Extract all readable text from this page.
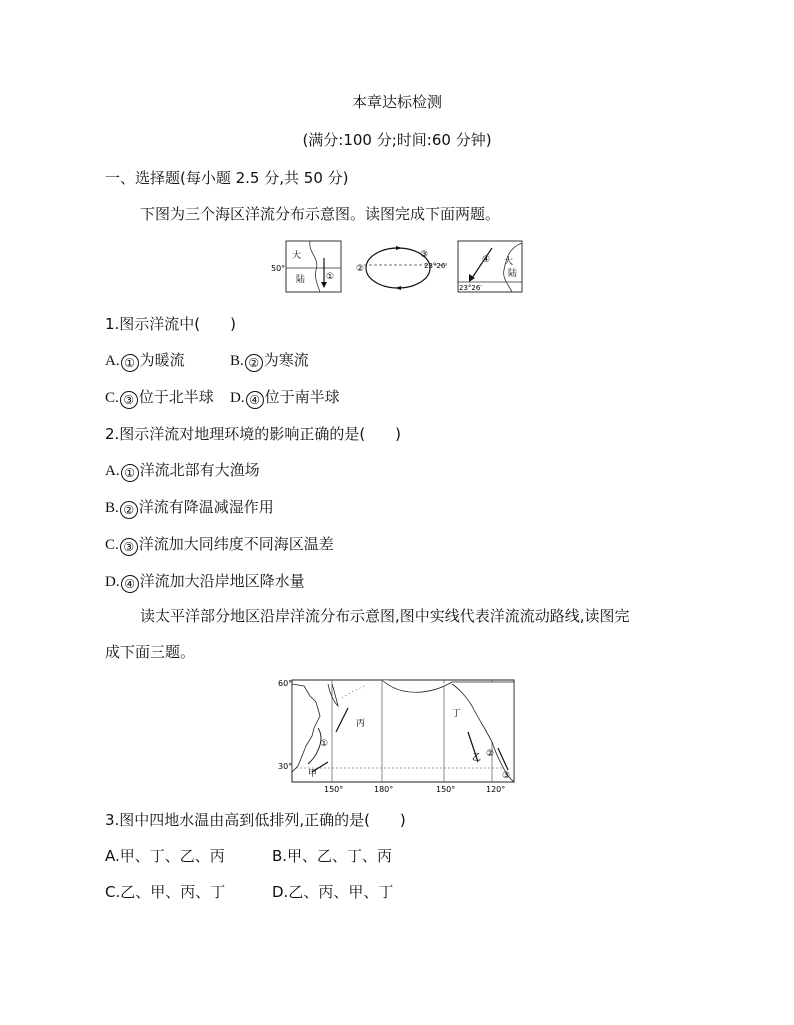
本章达标检测
(满分:100 分;时间:60 分钟)
一、选择题(每小题 2.5 分,共 50 分)
下图为三个海区洋流分布示意图。读图完成下面两题。
50°
大
陆 ①
②
③
23°26′
④ 大
陆
23°26′
1.图示洋流中(　　)
A. ① 为暖流	B. ② 为寒流
C. ③ 位于北半球 D. ④ 位于南半球
2.图示洋流对地理环境的影响正确的是(　　)
A. ① 洋流北部有大渔场
B. ② 洋流有降温减湿作用
C. ③ 洋流加大同纬度不同海区温差
D. ④ 洋流加大沿岸地区降水量
读太平洋部分地区沿岸洋流分布示意图,图中实线代表洋流流动路线,读图完
成下面三题。
60°
30°
150°	180°	150°	120°
甲
乙
丙
丁
①
②
③
3.图中四地水温由高到低排列,正确的是(　　)
A.甲、丁、乙、丙	B.甲、乙、丁、丙
C.乙、甲、丙、丁	D.乙、丙、甲、丁
